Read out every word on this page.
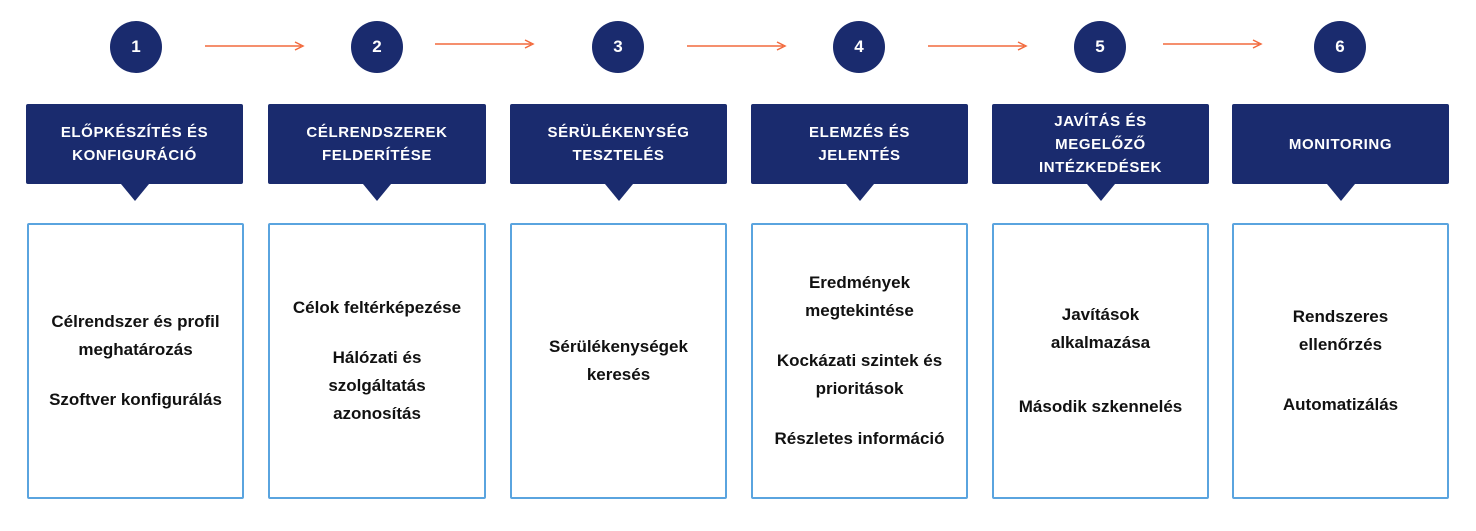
1	2	3	4	5	6
ELŐPKÉSZÍTÉS ÉS KONFIGURÁCIÓ
CÉLRENDSZEREK FELDERÍTÉSE
SÉRÜLÉKENYSÉG TESZTELÉS
ELEMZÉS ÉS JELENTÉS
JAVÍTÁS ÉS MEGELŐZŐ INTÉZKEDÉSEK
MONITORING
Célrendszer és profil meghatározás
Szoftver konfigurálás
Célok feltérképezése
Hálózati és szolgáltatás azonosítás
Sérülékenységek keresés
Eredmények megtekintése
Kockázati szintek és prioritások
Részletes információ
Javítások alkalmazása
Második szkennelés
Rendszeres ellenőrzés
Automatizálás
